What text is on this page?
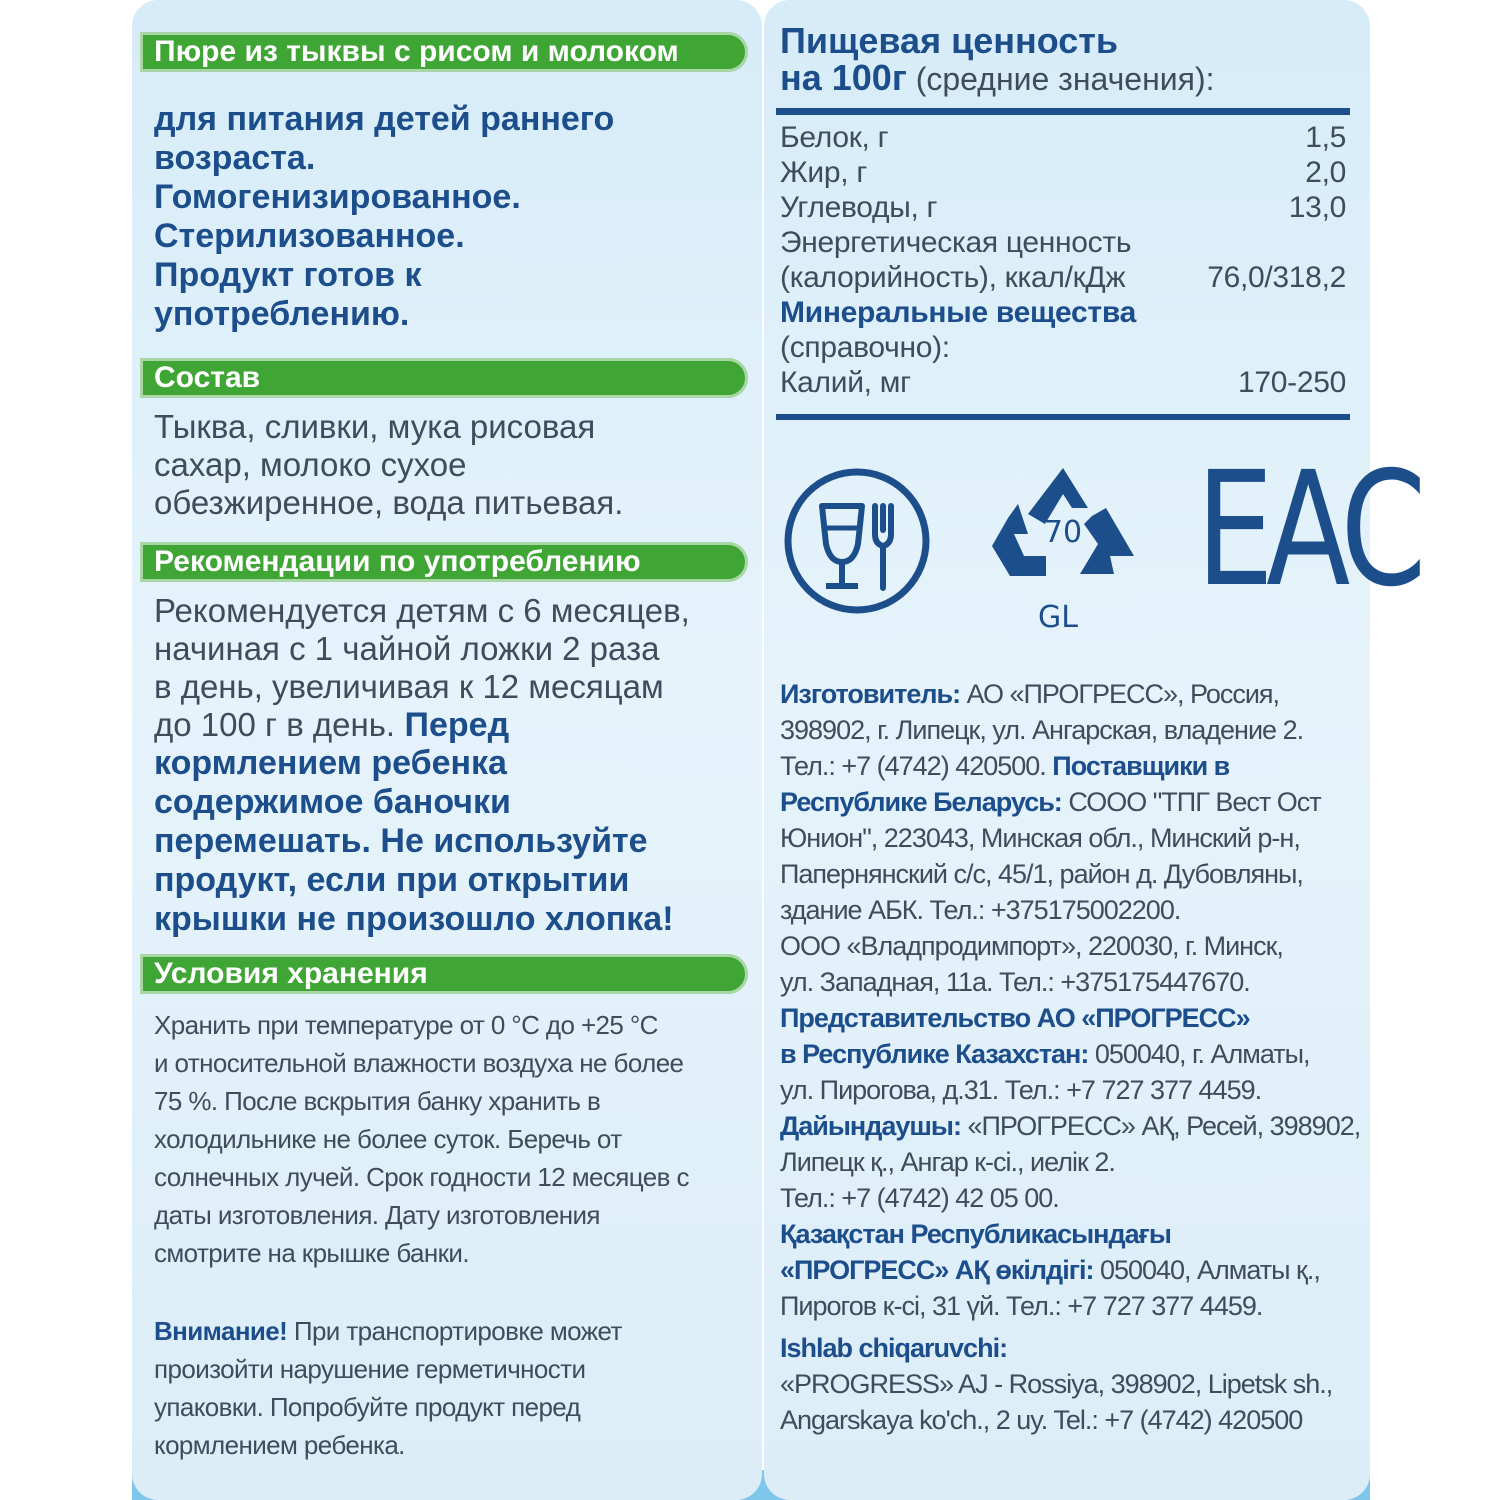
Пюре из тыквы с рисом и молоком
для питания детей раннего
возраста.
Гомогенизированное.
Стерилизованное.
Продукт готов к
употреблению.
Состав
Тыква, сливки, мука рисовая
сахар, молоко сухое
обезжиренное, вода питьевая.
Рекомендации по употреблению
Рекомендуется детям с 6 месяцев,
начиная с 1 чайной ложки 2 раза
в день, увеличивая к 12 месяцам
до 100 г в день. Перед
кормлением ребенка
содержимое баночки
перемешать. Не используйте
продукт, если при открытии
крышки не произошло хлопка!
Условия хранения
Хранить при температуре от 0 °С до +25 °С
и относительной влажности воздуха не более
75 %. После вскрытия банку хранить в
холодильнике не более суток. Беречь от
солнечных лучей. Срок годности 12 месяцев с
даты изготовления. Дату изготовления
смотрите на крышке банки.
Внимание! При транспортировке может
произойти нарушение герметичности
упаковки. Попробуйте продукт перед
кормлением ребенка.
Пищевая ценность
на 100г (средние значения):
Белок, г	1,5
Жир, г	2,0
Углеводы, г	13,0
Энергетическая ценность
(калорийность), ккал/кДж	76,0/318,2
Минеральные вещества
(справочно):
Калий, мг	170-250
70
GL EAC
Изготовитель: АО «ПРОГРЕСС», Россия,
398902, г. Липецк, ул. Ангарская, владение 2.
Тел.: +7 (4742) 420500. Поставщики в
Республике Беларусь: СООО "ТПГ Вест Ост
Юнион", 223043, Минская обл., Минский р-н,
Папернянский с/с, 45/1, район д. Дубовляны,
здание АБК. Тел.: +375175002200.
ООО «Владпродимпорт», 220030, г. Минск,
ул. Западная, 11а. Тел.: +375175447670.
Представительство АО «ПРОГРЕСС»
в Республике Казахстан: 050040, г. Алматы,
ул. Пирогова, д.31. Тел.: +7 727 377 4459.
Дайындаушы: «ПРОГРЕСС» АҚ, Ресей, 398902,
Липецк қ., Ангар к-сі., иелік 2.
Тел.: +7 (4742) 42 05 00.
Қазақстан Республикасындағы
«ПРОГРЕСС» АҚ өкілдігі: 050040, Алматы қ.,
Пирогов к-сі, 31 үй. Тел.: +7 727 377 4459.
Ishlab chiqaruvchi:
«PROGRESS» AJ - Rossiya, 398902, Lipetsk sh.,
Angarskaya ko'ch., 2 uy. Tel.: +7 (4742) 420500
